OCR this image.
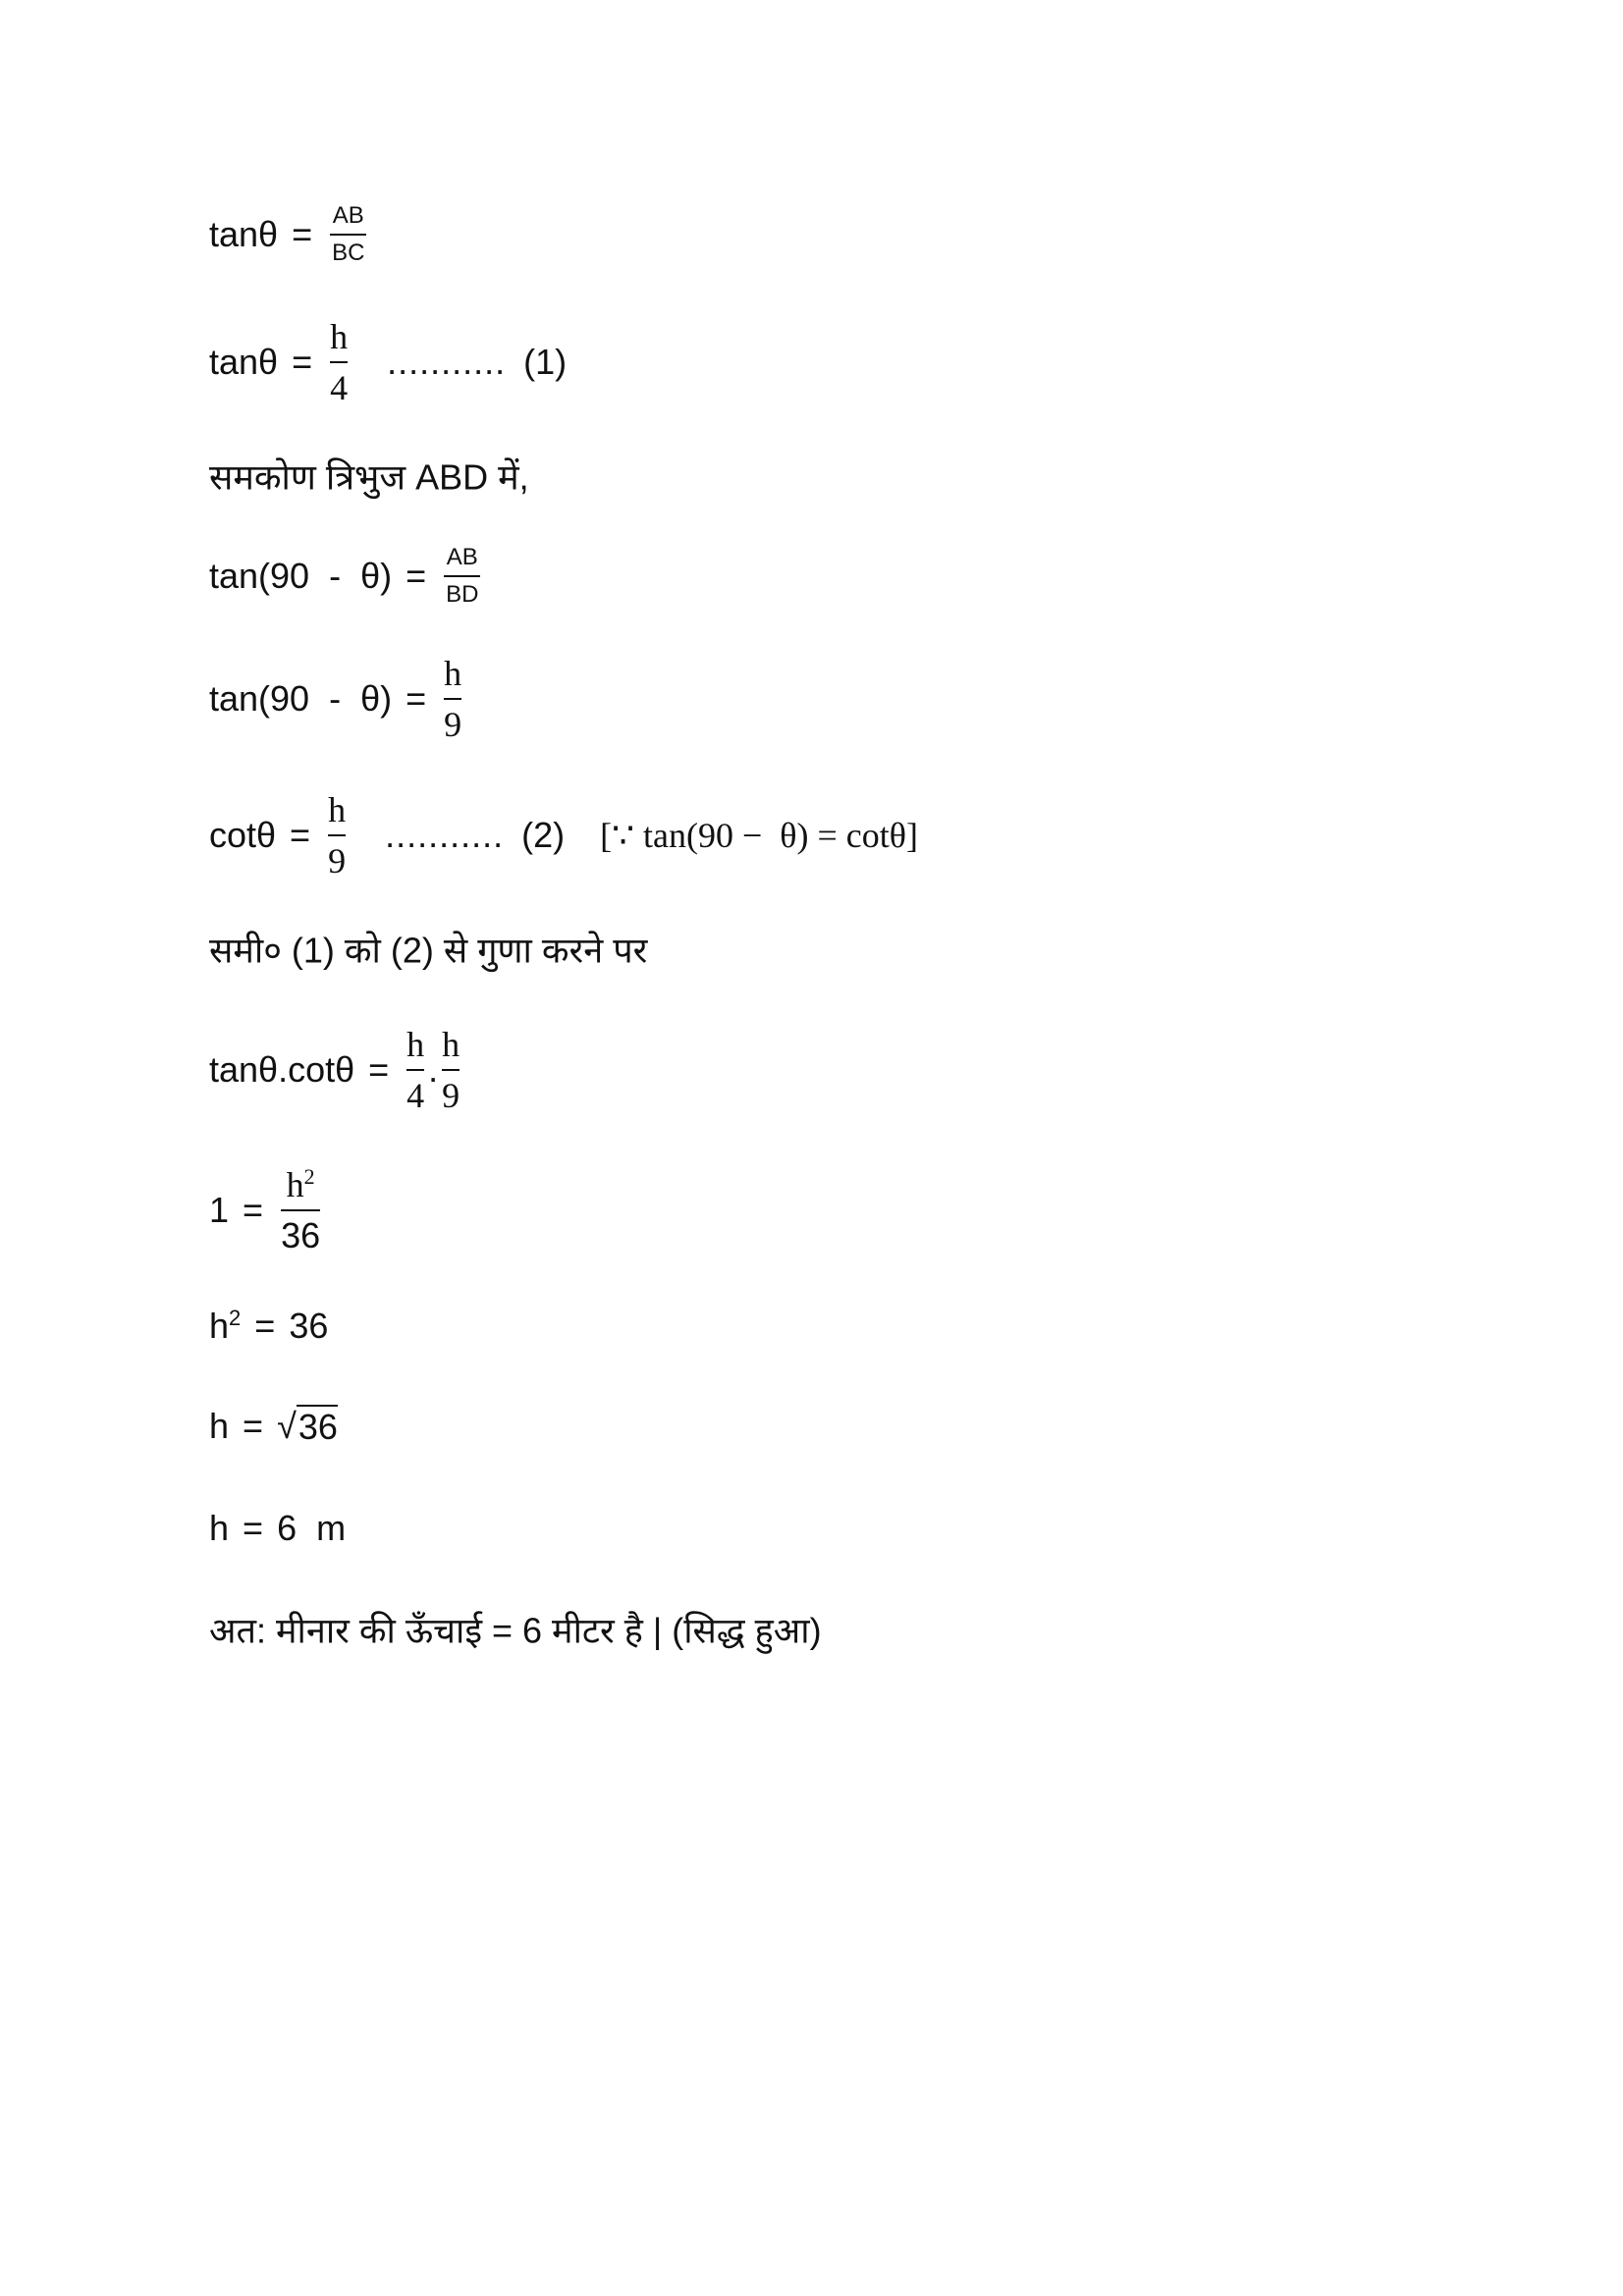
$\tan\theta = \frac{AB}{BC}$
$\tan\theta = \frac{h}{4}$ ........... (1)
समकोण त्रिभुज ABD में,
$\tan(90 - \theta) = \frac{AB}{BD}$
$\tan(90 - \theta) = \frac{h}{9}$
$\cot\theta = \frac{h}{9}$ ........... (2) [∵ tan(90 −  θ) = cotθ]
समी० (1) को (2) से गुणा करने पर
$\tan\theta.\cot\theta = \frac{h}{4}$ . $\frac{h}{9}$
$1 = \frac{h^2}{36}$
$h^2 = 36$
h = √ 36
h = 6  m
अत: मीनार की ऊँचाई = 6 मीटर है | (सिद्ध हुआ)
